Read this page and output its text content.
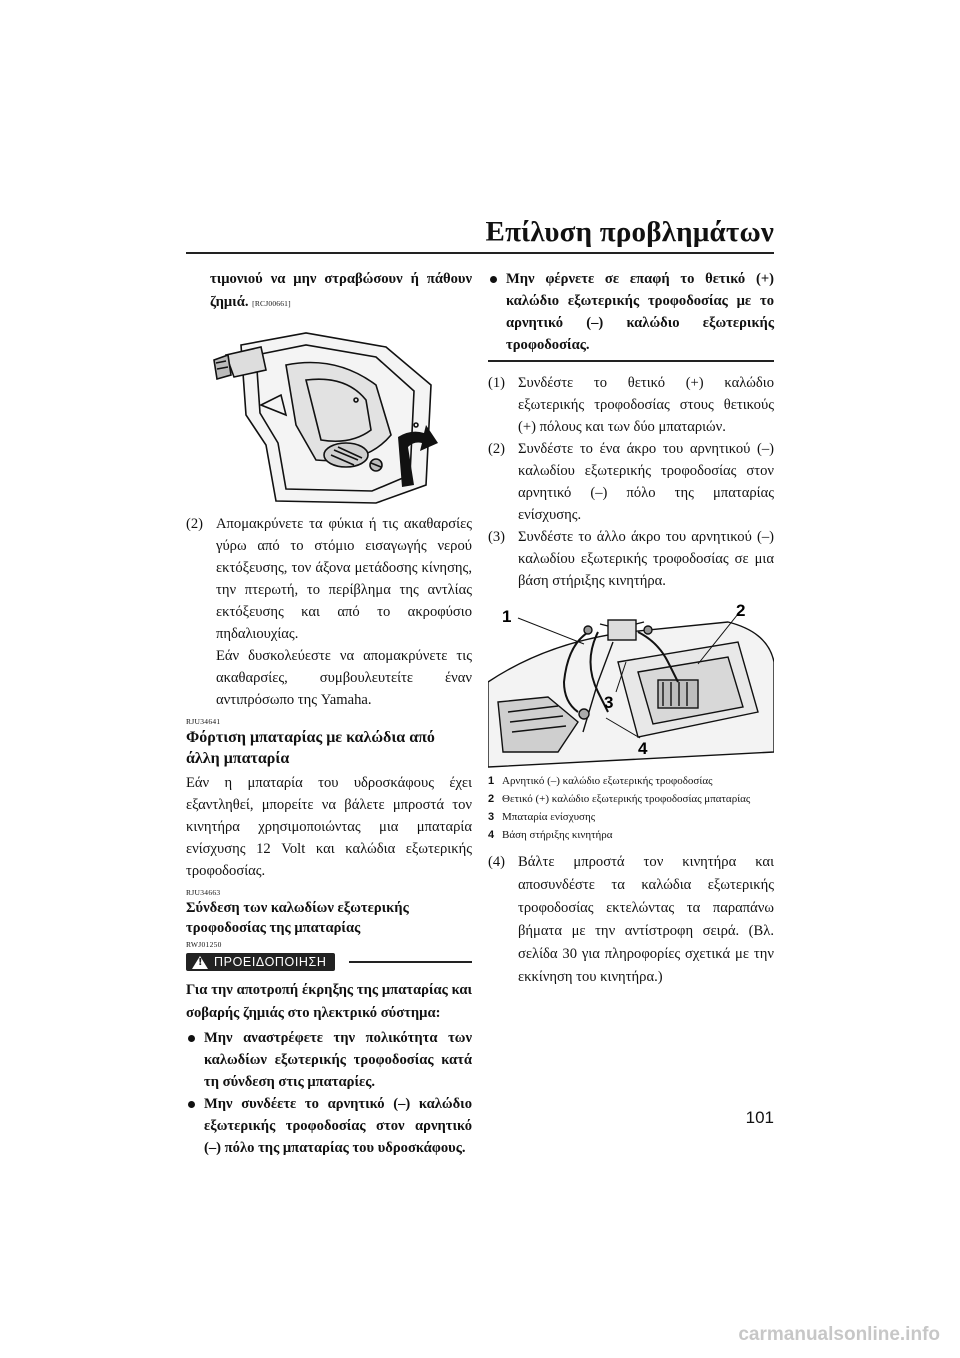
Επίλυση προβλημάτων

τιμονιού να μην στραβώσουν ή πάθουν ζημιά. [RCJ00661]

(2) Απομακρύνετε τα φύκια ή τις ακαθαρσίες γύρω από το στόμιο εισαγωγής νερού εκτόξευσης, τον άξονα μετάδοσης κίνησης, την πτερωτή, το περίβλημα της αντλίας εκτόξευσης και από το ακροφύσιο πηδαλιουχίας.

Εάν δυσκολεύεστε να απομακρύνετε τις ακαθαρσίες, συμβουλευτείτε έναν αντιπρόσωπο της Yamaha.

RJU34641
Φόρτιση μπαταρίας με καλώδια από άλλη μπαταρία

Εάν η μπαταρία του υδροσκάφους έχει εξαντληθεί, μπορείτε να βάλετε μπροστά τον κινητήρα χρησιμοποιώντας μια μπαταρία ενίσχυσης 12 Volt και καλώδια εξωτερικής τροφοδοσίας.

RJU34663
Σύνδεση των καλωδίων εξωτερικής τροφοδοσίας της μπαταρίας
RWJ01250
!
ΠΡΟΕΙΔΟΠΟΙΗΣΗ

Για την αποτροπή έκρηξης της μπαταρίας και σοβαρής ζημιάς στο ηλεκτρικό σύστημα:

Μην αναστρέφετε την πολικότητα των καλωδίων εξωτερικής τροφοδοσίας κατά τη σύνδεση στις μπαταρίες.
Μην συνδέετε το αρνητικό (–) καλώδιο εξωτερικής τροφοδοσίας στον αρνητικό (–) πόλο της μπαταρίας του υδροσκάφους.
Μην φέρνετε σε επαφή το θετικό (+) καλώδιο εξωτερικής τροφοδοσίας με το αρνητικό (–) καλώδιο εξωτερικής τροφοδοσίας.
(1) Συνδέστε το θετικό (+) καλώδιο εξωτερικής τροφοδοσίας στους θετικούς (+) πόλους και των δύο μπαταριών.

(2) Συνδέστε το ένα άκρο του αρνητικού (–) καλωδίου εξωτερικής τροφοδοσίας στον αρνητικό (–) πόλο της μπαταρίας ενίσχυσης.

(3) Συνδέστε το άλλο άκρο του αρνητικού (–) καλωδίου εξωτερικής τροφοδοσίας σε μια βάση στήριξης κινητήρα.

1	2
3
4
1 Αρνητικό (–) καλώδιο εξωτερικής τροφοδοσίας
2 Θετικό (+) καλώδιο εξωτερικής τροφοδοσίας μπαταρίας
3 Μπαταρία ενίσχυσης
4 Βάση στήριξης κινητήρα
(4) Βάλτε μπροστά τον κινητήρα και αποσυνδέστε τα καλώδια εξωτερικής τροφοδοσίας εκτελώντας τα παραπάνω βήματα με την αντίστροφη σειρά. (Βλ. σελίδα 30 για πληροφορίες σχετικά με την εκκίνηση του κινητήρα.)

101
carmanualsonline.info
